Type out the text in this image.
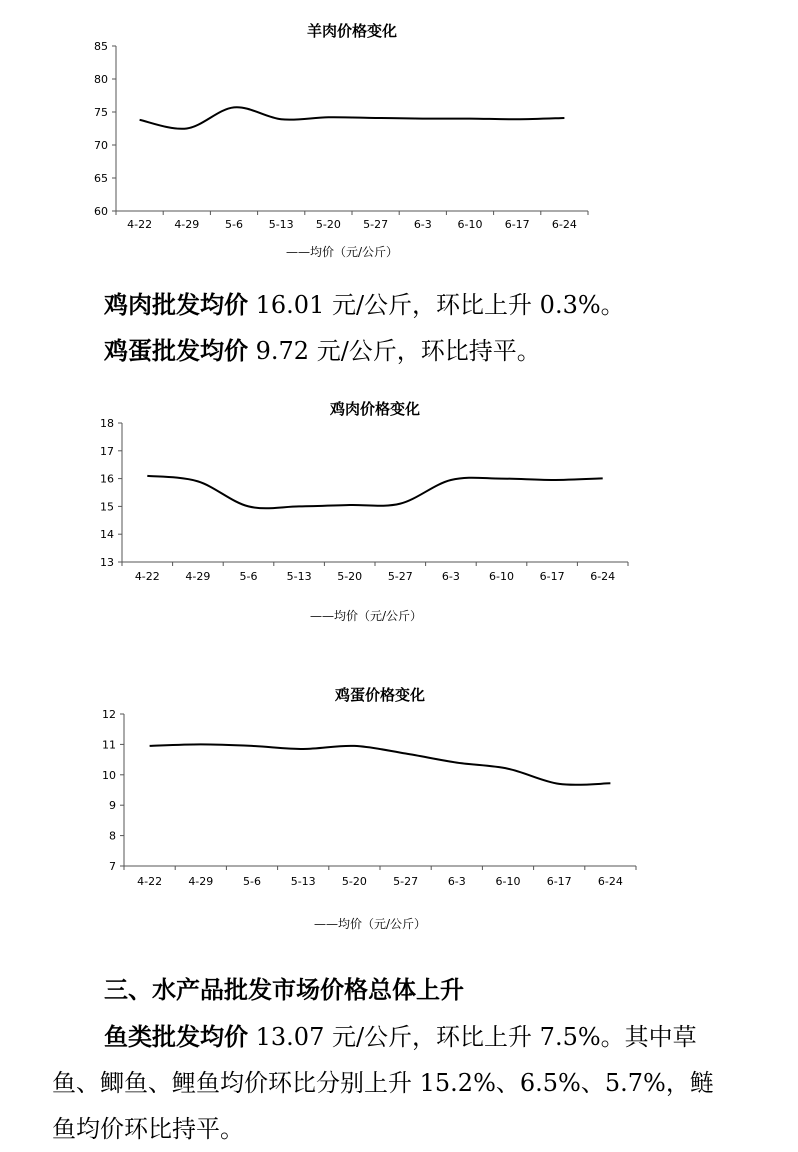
羊肉价格变化
60
65
70
75
80
85
4-22 4-29 5-6 5-13 5-20 5-27 6-3 6-10 6-17 6-24
——均价（元/公斤）
鸡肉批发均价 16.01 元/公斤，环比上升 0.3%。
鸡蛋批发均价 9.72 元/公斤，环比持平。
鸡肉价格变化
13
14
15
16
17
18
4-22 4-29	5-6	5-13 5-20 5-27	6-3	6-10 6-17 6-24
——均价（元/公斤）
鸡蛋价格变化
7
8
9
10
11
12
4-22 4-29	5-6	5-13 5-20 5-27	6-3	6-10 6-17 6-24
——均价（元/公斤）
三、水产品批发市场价格总体上升
鱼类批发均价 13.07 元/公斤，环比上升 7.5%。其中草
鱼、鲫鱼、鲤鱼均价环比分别上升 15.2%、6.5%、5.7%，鲢
鱼均价环比持平。
